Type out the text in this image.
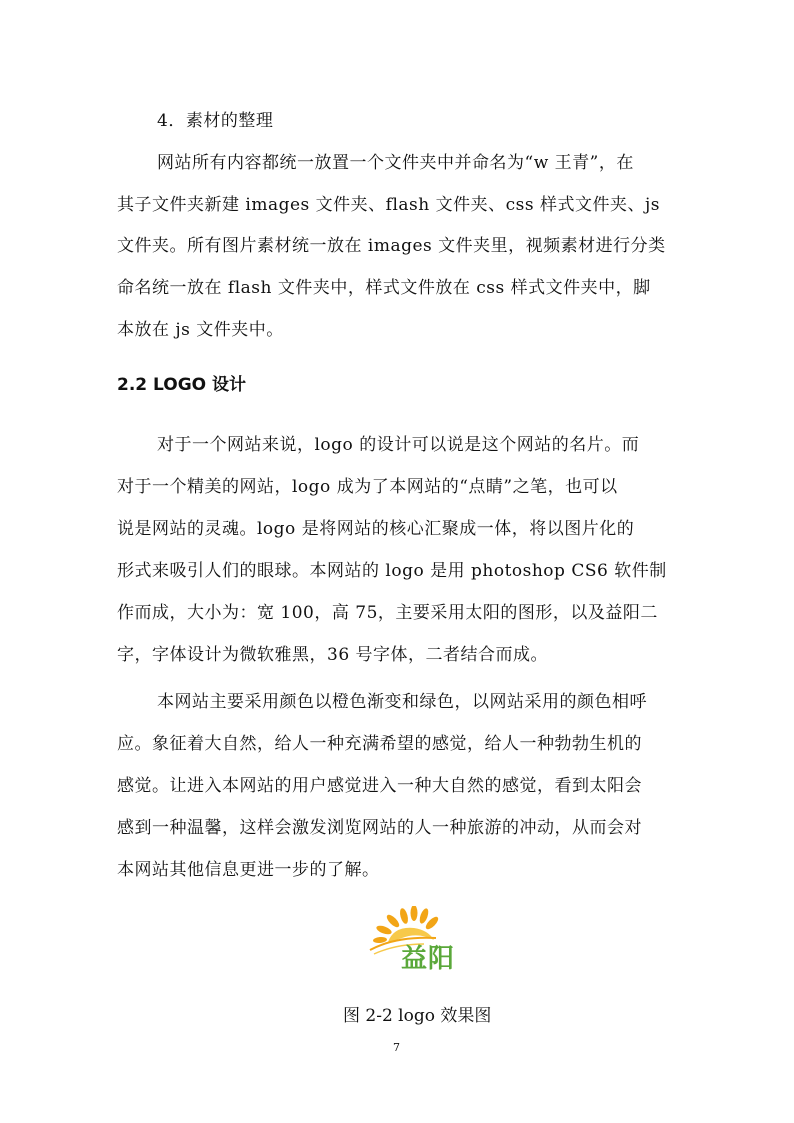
4．素材的整理
网站所有内容都统一放置一个文件夹中并命名为“w 王青”，在
其子文件夹新建 images 文件夹、flash 文件夹、css 样式文件夹、js
文件夹。所有图片素材统一放在 images 文件夹里，视频素材进行分类
命名统一放在 flash 文件夹中，样式文件放在 css 样式文件夹中，脚
本放在 js 文件夹中。
2.2 LOGO 设计
对于一个网站来说，logo 的设计可以说是这个网站的名片。而
对于一个精美的网站，logo 成为了本网站的“点睛”之笔，也可以
说是网站的灵魂。logo 是将网站的核心汇聚成一体，将以图片化的
形式来吸引人们的眼球。本网站的 logo 是用 photoshop CS6 软件制
作而成，大小为：宽 100，高 75，主要采用太阳的图形，以及益阳二
字，字体设计为微软雅黑，36 号字体，二者结合而成。
本网站主要采用颜色以橙色渐变和绿色，以网站采用的颜色相呼
应。象征着大自然，给人一种充满希望的感觉，给人一种勃勃生机的
感觉。让进入本网站的用户感觉进入一种大自然的感觉，看到太阳会
感到一种温馨，这样会激发浏览网站的人一种旅游的冲动，从而会对
本网站其他信息更进一步的了解。
益阳
图 2-2 logo 效果图
7
